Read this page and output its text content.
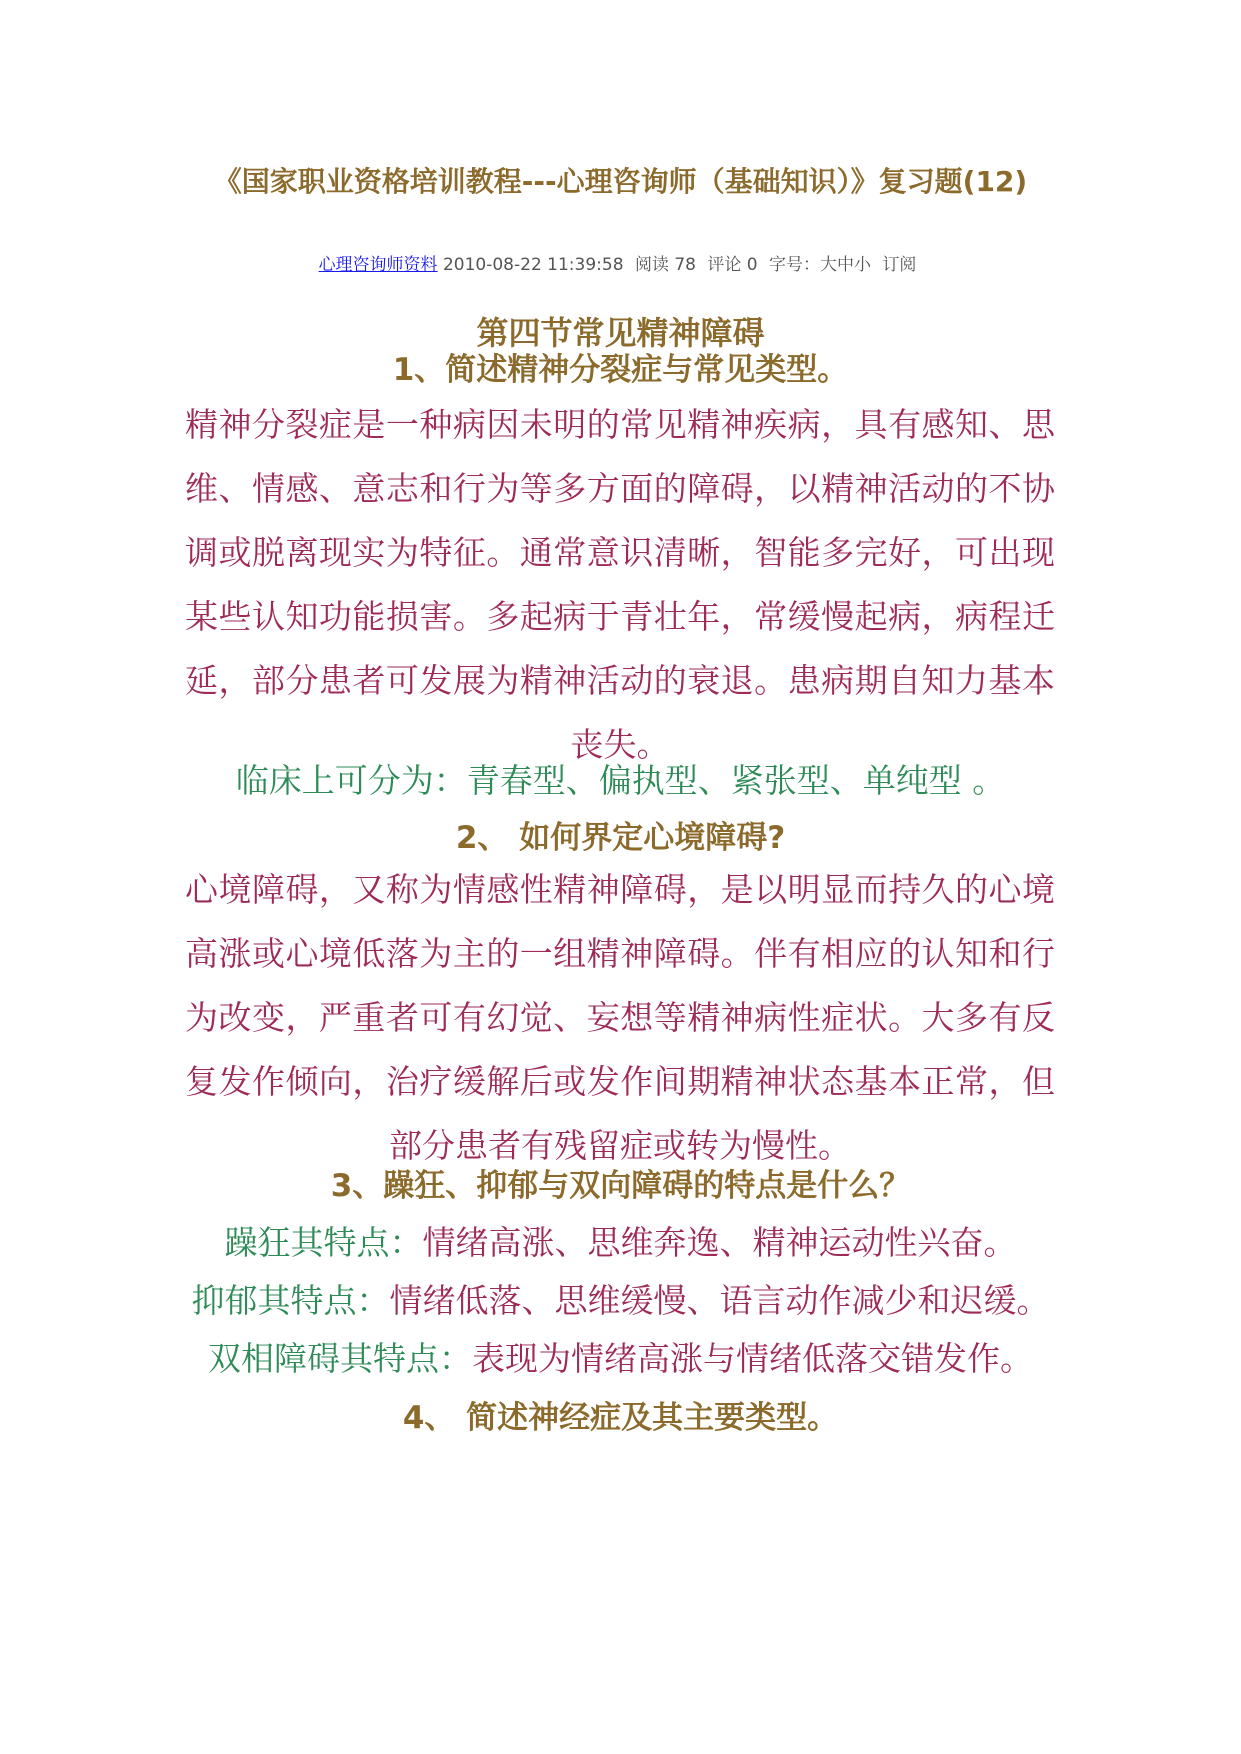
《国家职业资格培训教程---心理咨询师（基础知识）》复习题(12)
心理咨询师资料 2010-08-22 11:39:58 阅读 78 评论 0 字号：大中小 订阅
第四节常见精神障碍
1、简述精神分裂症与常见类型。
精神分裂症是一种病因未明的常见精神疾病，具有感知、思维、情感、意志和行为等多方面的障碍，以精神活动的不协调或脱离现实为特征。通常意识清晰，智能多完好，可出现某些认知功能损害。多起病于青壮年，常缓慢起病，病程迁延，部分患者可发展为精神活动的衰退。患病期自知力基本丧失。
临床上可分为：青春型、偏执型、紧张型、单纯型 。
2、 如何界定心境障碍?
心境障碍，又称为情感性精神障碍，是以明显而持久的心境高涨或心境低落为主的一组精神障碍。伴有相应的认知和行为改变，严重者可有幻觉、妄想等精神病性症状。大多有反复发作倾向，治疗缓解后或发作间期精神状态基本正常，但部分患者有残留症或转为慢性。
3、躁狂、抑郁与双向障碍的特点是什么？
躁狂其特点：情绪高涨、思维奔逸、精神运动性兴奋。
抑郁其特点：情绪低落、思维缓慢、语言动作减少和迟缓。
双相障碍其特点：表现为情绪高涨与情绪低落交错发作。
4、 简述神经症及其主要类型。
